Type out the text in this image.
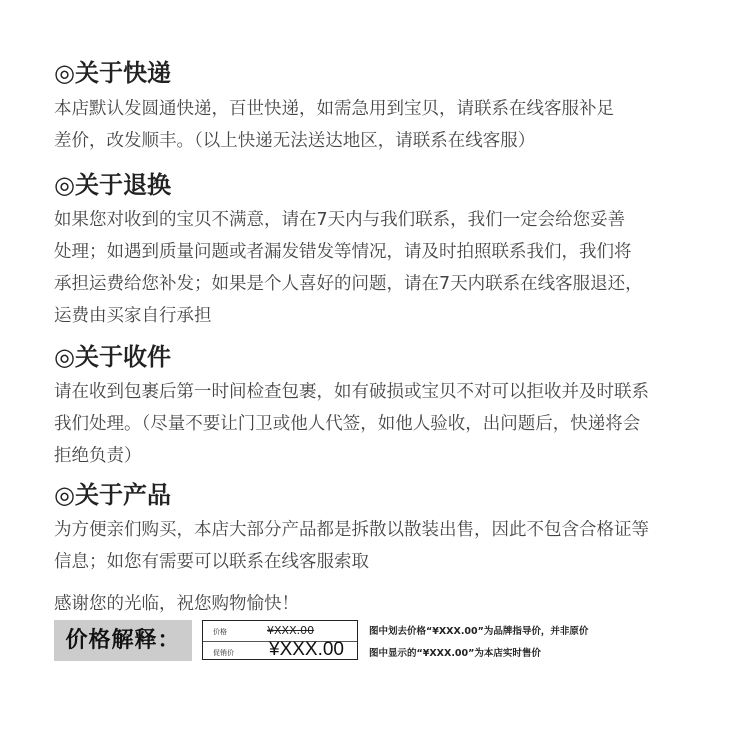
◎关于快递
本店默认发圆通快递，百世快递，如需急用到宝贝，请联系在线客服补足
差价，改发顺丰。（以上快递无法送达地区，请联系在线客服）
◎关于退换
如果您对收到的宝贝不满意，请在7天内与我们联系，我们一定会给您妥善
处理；如遇到质量问题或者漏发错发等情况，请及时拍照联系我们，我们将
承担运费给您补发；如果是个人喜好的问题，请在7天内联系在线客服退还，
运费由买家自行承担
◎关于收件
请在收到包裹后第一时间检查包裹，如有破损或宝贝不对可以拒收并及时联系
我们处理。（尽量不要让门卫或他人代签，如他人验收，出问题后，快递将会
拒绝负责）
◎关于产品
为方便亲们购买，本店大部分产品都是拆散以散装出售，因此不包含合格证等
信息；如您有需要可以联系在线客服索取
感谢您的光临，祝您购物愉快！
价格解释：	价格
促销价
¥XXX.00
¥XXX.00
图中划去价格“¥XXX.00”为品牌指导价，并非原价
图中显示的“¥XXX.00”为本店实时售价
